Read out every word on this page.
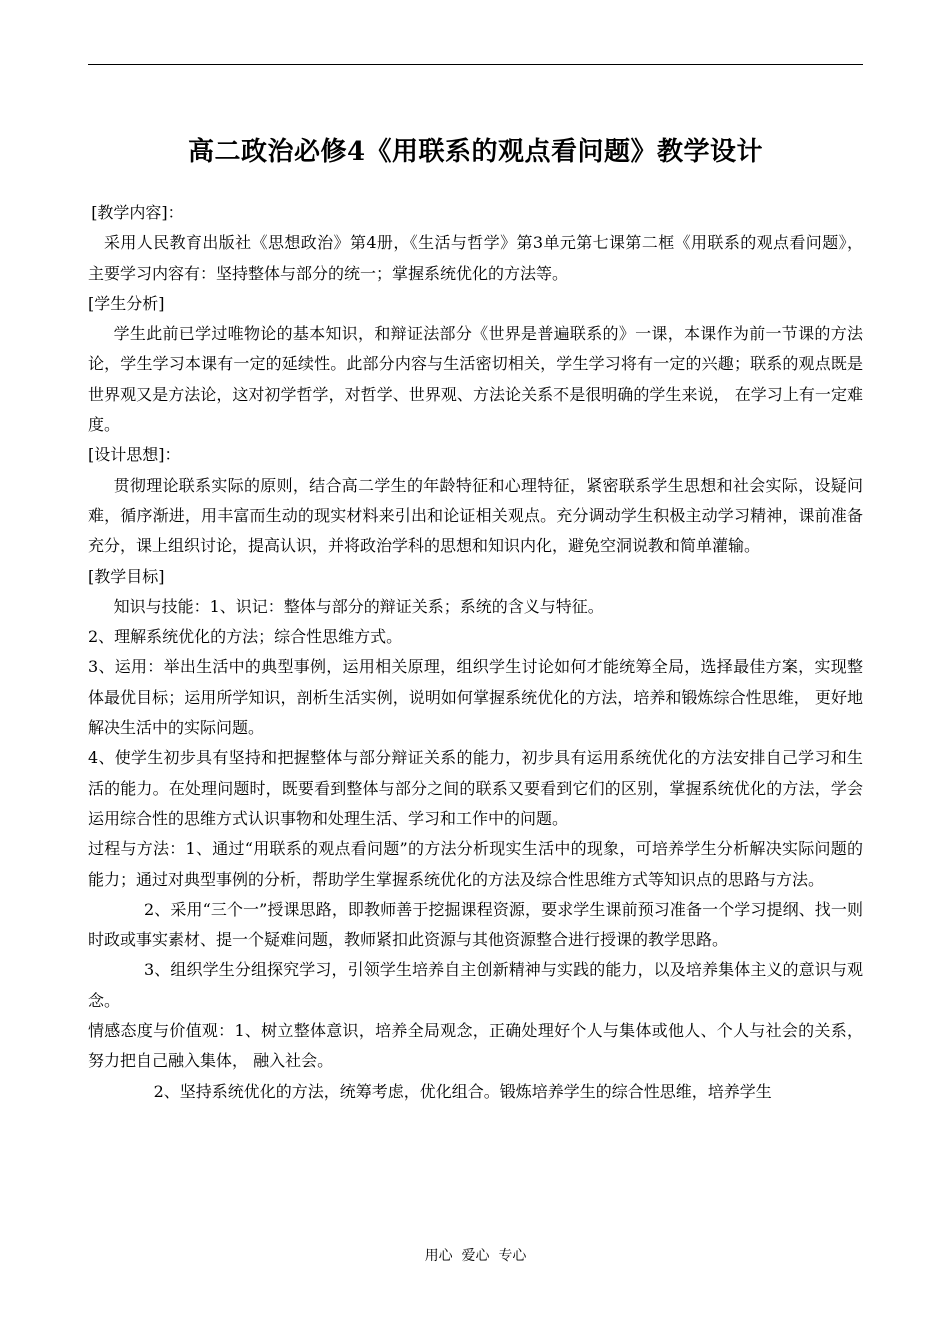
高二政治必修4《用联系的观点看问题》教学设计

[教学内容]：

采用人民教育出版社《思想政治》第4册，《生活与哲学》第3单元第七课第二框《用联系的观点看问题》， 主要学习内容有：坚持整体与部分的统一；掌握系统优化的方法等。

[学生分析]

学生此前已学过唯物论的基本知识，和辩证法部分《世界是普遍联系的》一课，本课作为前一节课的方法论，学生学习本课有一定的延续性。此部分内容与生活密切相关，学生学习将有一定的兴趣；联系的观点既是世界观又是方法论，这对初学哲学，对哲学、世界观、方法论关系不是很明确的学生来说， 在学习上有一定难度。

[设计思想]：

贯彻理论联系实际的原则，结合高二学生的年龄特征和心理特征，紧密联系学生思想和社会实际，设疑问难，循序渐进，用丰富而生动的现实材料来引出和论证相关观点。充分调动学生积极主动学习精神，课前准备充分，课上组织讨论，提高认识，并将政治学科的思想和知识内化，避免空洞说教和简单灌输。

[教学目标]

知识与技能：1、识记：整体与部分的辩证关系；系统的含义与特征。

2、理解系统优化的方法；综合性思维方式。

3、运用：举出生活中的典型事例，运用相关原理，组织学生讨论如何才能统筹全局，选择最佳方案，实现整体最优目标；运用所学知识，剖析生活实例，说明如何掌握系统优化的方法，培养和锻炼综合性思维， 更好地解决生活中的实际问题。

4、使学生初步具有坚持和把握整体与部分辩证关系的能力，初步具有运用系统优化的方法安排自己学习和生活的能力。在处理问题时，既要看到整体与部分之间的联系又要看到它们的区别，掌握系统优化的方法，学会运用综合性的思维方式认识事物和处理生活、学习和工作中的问题。

过程与方法：1、通过“用联系的观点看问题”的方法分析现实生活中的现象，可培养学生分析解决实际问题的能力；通过对典型事例的分析，帮助学生掌握系统优化的方法及综合性思维方式等知识点的思路与方法。

2、采用“三个一”授课思路，即教师善于挖掘课程资源，要求学生课前预习准备一个学习提纲、找一则时政或事实素材、提一个疑难问题，教师紧扣此资源与其他资源整合进行授课的教学思路。

3、组织学生分组探究学习，引领学生培养自主创新精神与实践的能力，以及培养集体主义的意识与观念。

情感态度与价值观：1、树立整体意识，培养全局观念，正确处理好个人与集体或他人、个人与社会的关系， 努力把自己融入集体， 融入社会。

2、坚持系统优化的方法，统筹考虑，优化组合。锻炼培养学生的综合性思维，培养学生

用心  爱心  专心
